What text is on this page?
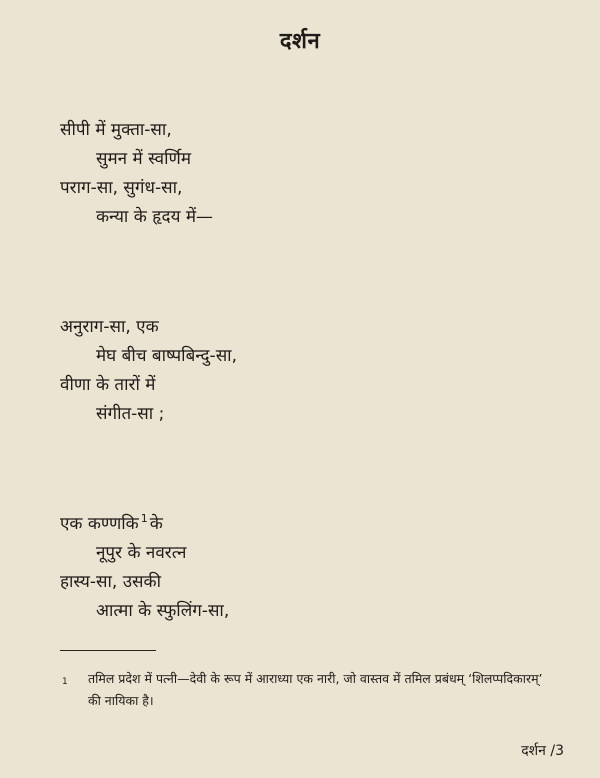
दर्शन
सीपी में मुक्ता-सा,
सुमन में स्वर्णिम
पराग-सा, सुगंध-सा,
कन्या के हृदय में—
अनुराग-सा, एक
मेघ बीच बाष्पबिन्दु-सा,
वीणा के तारों में
संगीत-सा ;
एक कण्णकि $^1$ के
नूपुर के नवरत्न
हास्य-सा, उसकी
आत्मा के स्फुलिंग-सा,
1	तमिल प्रदेश में पत्नी—देवी के रूप में आराध्या एक नारी, जो वास्तव में तमिल प्रबंधम् ‘शिलप्पदिकारम्’
की नायिका है।
दर्शन /3
